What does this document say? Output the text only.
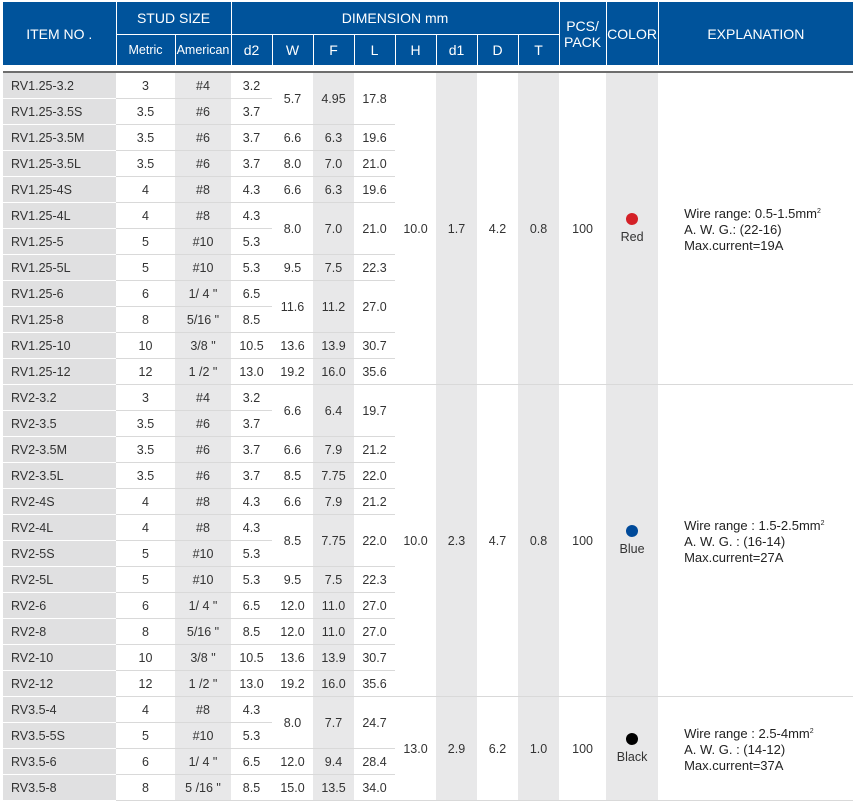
ITEM NO .	STUD SIZE		DIMENSION mm								PCS/
PACK	COLOR	EXPLANATION
	Metric	American	d2	W	F	L	H	d1	D	T			

RV1.25-3.2	3	#4	3.2	5.7	4.95	17.8	10.0	1.7	4.2	0.8	100	Red	Wire range: $0.5-1.5mm^2$
A. W. G.: (22-16)
Max.current=19A

RV1.25-3.5S	3.5	#6	3.7										
RV1.25-3.5M	3.5	#6	3.7	6.6	6.3	19.6							
RV1.25-3.5L	3.5	#6	3.7	8.0	7.0	21.0							
RV1.25-4S	4	#8	4.3	6.6	6.3	19.6							
RV1.25-4L	4	#8	4.3	8.0	7.0	21.0							
RV1.25-5	5	#10	5.3										
RV1.25-5L	5	#10	5.3	9.5	7.5	22.3							
RV1.25-6	6	1/ 4 "	6.5	11.6	11.2	27.0							
RV1.25-8	8	5/16 "	8.5										
RV1.25-10	10	3/8 "	10.5	13.6	13.9	30.7							
RV1.25-12	12	1 /2 "	13.0	19.2	16.0	35.6							
RV2-3.2	3	#4	3.2	6.6	6.4	19.7	10.0	2.3	4.7	0.8	100	Blue	Wire range : $1.5-2.5mm^2$
A. W. G. : (16-14)
Max.current=27A

RV2-3.5	3.5	#6	3.7										
RV2-3.5M	3.5	#6	3.7	6.6	7.9	21.2							
RV2-3.5L	3.5	#6	3.7	8.5	7.75	22.0							
RV2-4S	4	#8	4.3	6.6	7.9	21.2							
RV2-4L	4	#8	4.3	8.5	7.75	22.0							
RV2-5S	5	#10	5.3										
RV2-5L	5	#10	5.3	9.5	7.5	22.3							
RV2-6	6	1/ 4 "	6.5	12.0	11.0	27.0							
RV2-8	8	5/16 "	8.5	12.0	11.0	27.0							
RV2-10	10	3/8 "	10.5	13.6	13.9	30.7							
RV2-12	12	1 /2 "	13.0	19.2	16.0	35.6							
RV3.5-4	4	#8	4.3	8.0	7.7	24.7	13.0	2.9	6.2	1.0	100	Black	Wire range : $2.5-4mm^2$
A. W. G. : (14-12)
Max.current=37A

RV3.5-5S	5	#10	5.3										
RV3.5-6	6	1/ 4 "	6.5	12.0	9.4	28.4							
RV3.5-8	8	5 /16 "	8.5	15.0	13.5	34.0							
